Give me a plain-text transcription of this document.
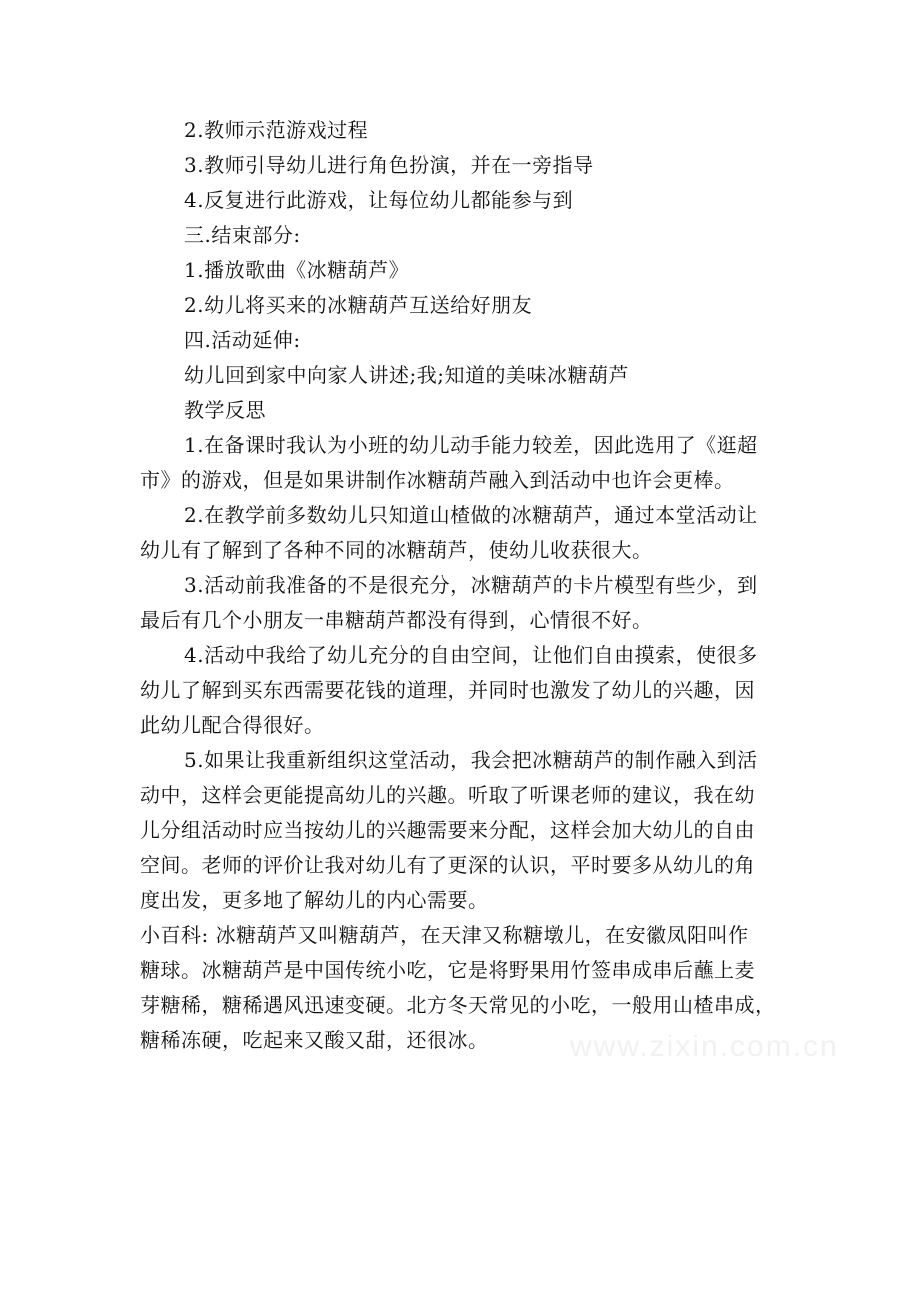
2.教师示范游戏过程
3.教师引导幼儿进行角色扮演，并在一旁指导
4.反复进行此游戏，让每位幼儿都能参与到
三.结束部分:
1.播放歌曲《冰糖葫芦》
2.幼儿将买来的冰糖葫芦互送给好朋友
四.活动延伸:
幼儿回到家中向家人讲述;我;知道的美味冰糖葫芦
教学反思
1.在备课时我认为小班的幼儿动手能力较差，因此选用了《逛超
市》的游戏，但是如果讲制作冰糖葫芦融入到活动中也许会更棒。
2.在教学前多数幼儿只知道山楂做的冰糖葫芦，通过本堂活动让
幼儿有了解到了各种不同的冰糖葫芦，使幼儿收获很大。
3.活动前我准备的不是很充分，冰糖葫芦的卡片模型有些少，到
最后有几个小朋友一串糖葫芦都没有得到，心情很不好。
4.活动中我给了幼儿充分的自由空间，让他们自由摸索，使很多
幼儿了解到买东西需要花钱的道理，并同时也激发了幼儿的兴趣，因
此幼儿配合得很好。
5.如果让我重新组织这堂活动，我会把冰糖葫芦的制作融入到活
动中，这样会更能提高幼儿的兴趣。听取了听课老师的建议，我在幼
儿分组活动时应当按幼儿的兴趣需要来分配，这样会加大幼儿的自由
空间。老师的评价让我对幼儿有了更深的认识，平时要多从幼儿的角
度出发，更多地了解幼儿的内心需要。
小百科: 冰糖葫芦又叫糖葫芦，在天津又称糖墩儿，在安徽凤阳叫作
糖球。冰糖葫芦是中国传统小吃，它是将野果用竹签串成串后蘸上麦
芽糖稀，糖稀遇风迅速变硬。北方冬天常见的小吃，一般用山楂串成，
糖稀冻硬，吃起来又酸又甜，还很冰。	www.zixin.com.cn
